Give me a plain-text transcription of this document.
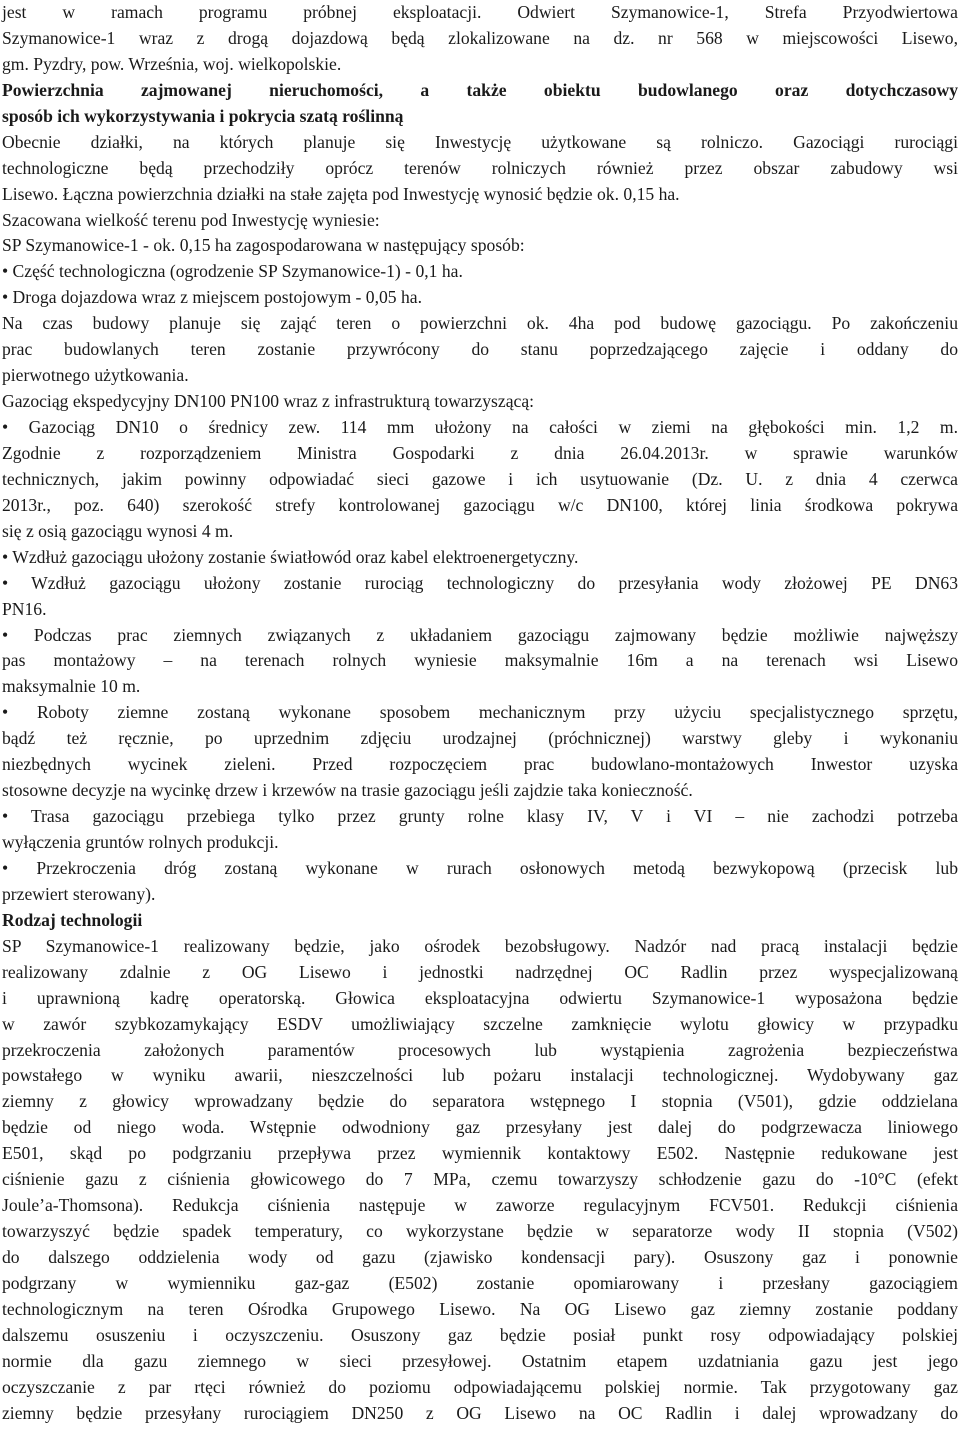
jest w ramach programu próbnej eksploatacji. Odwiert Szymanowice-1, Strefa Przyodwiertowa
Szymanowice-1 wraz z drogą dojazdową będą zlokalizowane na dz. nr 568 w miejscowości Lisewo,
gm. Pyzdry, pow. Września, woj. wielkopolskie.
Powierzchnia zajmowanej nieruchomości, a także obiektu budowlanego oraz dotychczasowy
sposób ich wykorzystywania i pokrycia szatą roślinną
Obecnie działki, na których planuje się Inwestycję użytkowane są rolniczo. Gazociągi rurociągi
technologiczne będą przechodziły oprócz terenów rolniczych również przez obszar zabudowy wsi
Lisewo. Łączna powierzchnia działki na stałe zajęta pod Inwestycję wynosić będzie ok. 0,15 ha.
Szacowana wielkość terenu pod Inwestycję wyniesie:
SP Szymanowice-1 - ok. 0,15 ha zagospodarowana w następujący sposób:
• Część technologiczna (ogrodzenie SP Szymanowice-1) - 0,1 ha.
• Droga dojazdowa wraz z miejscem postojowym - 0,05 ha.
Na czas budowy planuje się zająć teren o powierzchni ok. 4ha pod budowę gazociągu. Po zakończeniu
prac budowlanych teren zostanie przywrócony do stanu poprzedzającego zajęcie i oddany do
pierwotnego użytkowania.
Gazociąg ekspedycyjny DN100 PN100 wraz z infrastrukturą towarzyszącą:
• Gazociąg DN10 o średnicy zew. 114 mm ułożony na całości w ziemi na głębokości min. 1,2 m.
Zgodnie z rozporządzeniem Ministra Gospodarki z dnia 26.04.2013r. w sprawie warunków
technicznych, jakim powinny odpowiadać sieci gazowe i ich usytuowanie (Dz. U. z dnia 4 czerwca
2013r., poz. 640) szerokość strefy kontrolowanej gazociągu w/c DN100, której linia środkowa pokrywa
się z osią gazociągu wynosi 4 m.
• Wzdłuż gazociągu ułożony zostanie światłowód oraz kabel elektroenergetyczny.
• Wzdłuż gazociągu ułożony zostanie rurociąg technologiczny do przesyłania wody złożowej PE DN63
PN16.
• Podczas prac ziemnych związanych z układaniem gazociągu zajmowany będzie możliwie najwęższy
pas montażowy – na terenach rolnych wyniesie maksymalnie 16m a na terenach wsi Lisewo
maksymalnie 10 m.
• Roboty ziemne zostaną wykonane sposobem mechanicznym przy użyciu specjalistycznego sprzętu,
bądź też ręcznie, po uprzednim zdjęciu urodzajnej (próchnicznej) warstwy gleby i wykonaniu
niezbędnych wycinek zieleni. Przed rozpoczęciem prac budowlano-montażowych Inwestor uzyska
stosowne decyzje na wycinkę drzew i krzewów na trasie gazociągu jeśli zajdzie taka konieczność.
• Trasa gazociągu przebiega tylko przez grunty rolne klasy IV, V i VI – nie zachodzi potrzeba
wyłączenia gruntów rolnych produkcji.
• Przekroczenia dróg zostaną wykonane w rurach osłonowych metodą bezwykopową (przecisk lub
przewiert sterowany).
Rodzaj technologii
SP Szymanowice-1 realizowany będzie, jako ośrodek bezobsługowy. Nadzór nad pracą instalacji będzie
realizowany zdalnie z OG Lisewo i jednostki nadrzędnej OC Radlin przez wyspecjalizowaną
i uprawnioną kadrę operatorską. Głowica eksploatacyjna odwiertu Szymanowice-1 wyposażona będzie
w zawór szybkozamykający ESDV umożliwiający szczelne zamknięcie wylotu głowicy w przypadku
przekroczenia założonych paramentów procesowych lub wystąpienia zagrożenia bezpieczeństwa
powstałego w wyniku awarii, nieszczelności lub pożaru instalacji technologicznej. Wydobywany gaz
ziemny z głowicy wprowadzany będzie do separatora wstępnego I stopnia (V501), gdzie oddzielana
będzie od niego woda. Wstępnie odwodniony gaz przesyłany jest dalej do podgrzewacza liniowego
E501, skąd po podgrzaniu przepływa przez wymiennik kontaktowy E502. Następnie redukowane jest
ciśnienie gazu z ciśnienia głowicowego do 7 MPa, czemu towarzyszy schłodzenie gazu do -10°C (efekt
Joule’a-Thomsona). Redukcja ciśnienia następuje w zaworze regulacyjnym FCV501. Redukcji ciśnienia
towarzyszyć będzie spadek temperatury, co wykorzystane będzie w separatorze wody II stopnia (V502)
do dalszego oddzielenia wody od gazu (zjawisko kondensacji pary). Osuszony gaz i ponownie
podgrzany w wymienniku gaz-gaz (E502) zostanie opomiarowany i przesłany gazociągiem
technologicznym na teren Ośrodka Grupowego Lisewo. Na OG Lisewo gaz ziemny zostanie poddany
dalszemu osuszeniu i oczyszczeniu. Osuszony gaz będzie posiał punkt rosy odpowiadający polskiej
normie dla gazu ziemnego w sieci przesyłowej. Ostatnim etapem uzdatniania gazu jest jego
oczyszczanie z par rtęci również do poziomu odpowiadającemu polskiej normie. Tak przygotowany gaz
ziemny będzie przesyłany rurociągiem DN250 z OG Lisewo na OC Radlin i dalej wprowadzany do
